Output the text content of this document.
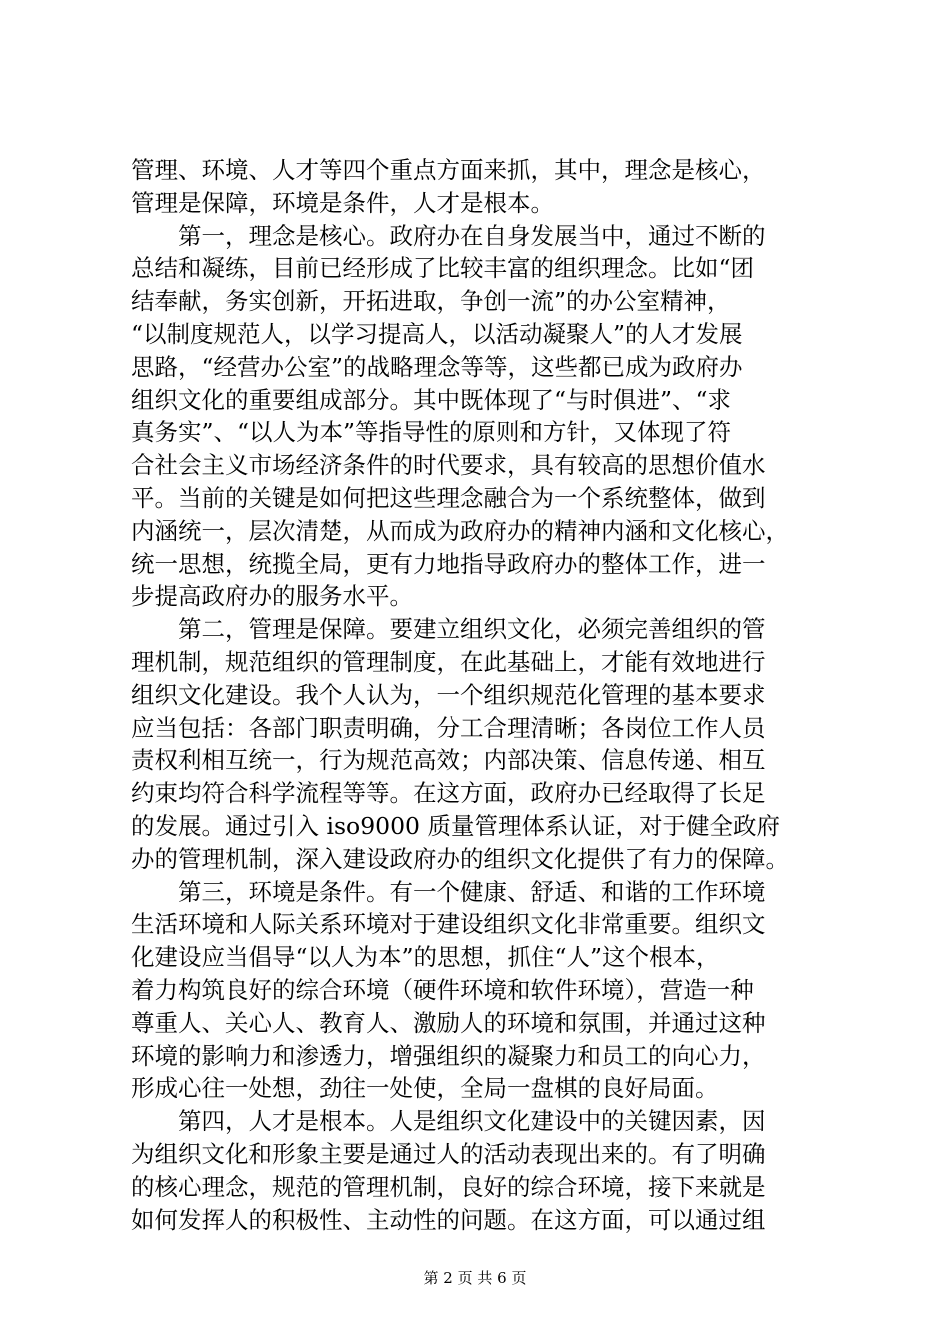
管理、环境、人才等四个重点方面来抓，其中，理念是核心，
管理是保障，环境是条件，人才是根本。
第一，理念是核心。政府办在自身发展当中，通过不断的
总结和凝练，目前已经形成了比较丰富的组织理念。比如“团
结奉献，务实创新，开拓进取，争创一流”的办公室精神，
“以制度规范人，以学习提高人，以活动凝聚人”的人才发展
思路，“经营办公室”的战略理念等等，这些都已成为政府办
组织文化的重要组成部分。其中既体现了“与时俱进”、“求
真务实”、“以人为本”等指导性的原则和方针，又体现了符
合社会主义市场经济条件的时代要求，具有较高的思想价值水
平。当前的关键是如何把这些理念融合为一个系统整体，做到
内涵统一，层次清楚，从而成为政府办的精神内涵和文化核心，
统一思想，统揽全局，更有力地指导政府办的整体工作，进一
步提高政府办的服务水平。
第二，管理是保障。要建立组织文化，必须完善组织的管
理机制，规范组织的管理制度，在此基础上，才能有效地进行
组织文化建设。我个人认为，一个组织规范化管理的基本要求
应当包括：各部门职责明确，分工合理清晰；各岗位工作人员
责权利相互统一，行为规范高效；内部决策、信息传递、相互
约束均符合科学流程等等。在这方面，政府办已经取得了长足
的发展。通过引入 iso9000 质量管理体系认证，对于健全政府
办的管理机制，深入建设政府办的组织文化提供了有力的保障。
第三，环境是条件。有一个健康、舒适、和谐的工作环境
生活环境和人际关系环境对于建设组织文化非常重要。组织文
化建设应当倡导“以人为本”的思想，抓住“人”这个根本，
着力构筑良好的综合环境（硬件环境和软件环境），营造一种
尊重人、关心人、教育人、激励人的环境和氛围，并通过这种
环境的影响力和渗透力，增强组织的凝聚力和员工的向心力，
形成心往一处想，劲往一处使，全局一盘棋的良好局面。
第四，人才是根本。人是组织文化建设中的关键因素，因
为组织文化和形象主要是通过人的活动表现出来的。有了明确
的核心理念，规范的管理机制，良好的综合环境，接下来就是
如何发挥人的积极性、主动性的问题。在这方面，可以通过组
第 2 页 共 6 页
